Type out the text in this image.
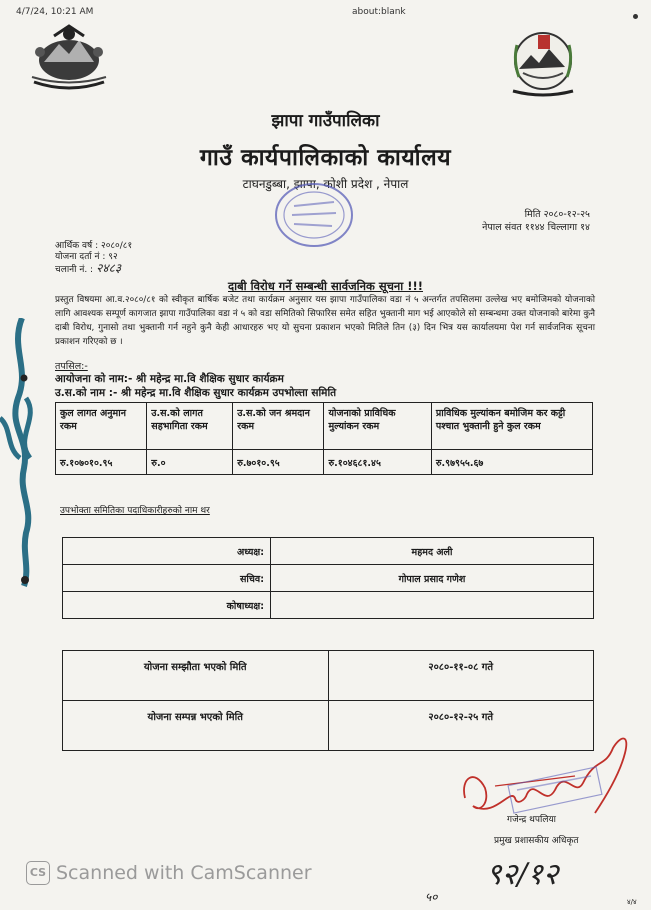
4/7/24, 10:21 AM	about:blank
झापा गाउँपालिका
गाउँ कार्यपालिकाको कार्यालय
टाघनडुब्बा, झापा, कोशी प्रदेश , नेपाल
मिति २०८०-१२-२५
नेपाल संवत ११४४ चिल्लागा १४
आर्थिक वर्ष : २०८०/८१
योजना दर्ता नं : ९२
चलानी नं. : २४८३
दाबी विरोध गर्ने सम्बन्धी सार्वजनिक सूचना !!!
प्रस्तुत विषयमा आ.व.२०८०/८१ को स्वीकृत बार्षिक बजेट तथा कार्यक्रम अनुसार यस झापा गाउँपालिका वडा नं ५ अन्तर्गत तपसिलमा उल्लेख भए बमोजिमको योजनाको लागि आवश्यक सम्पूर्ण कागजात झापा गाउँपालिका वडा नं ५ को वडा समितिको सिफारिस समेत सहित भुक्तानी माग भई आएकोले सो सम्बन्धमा उक्त योजनाको बारेमा कुनै दाबी विरोध, गुनासो तथा भुक्तानी गर्न नहुने कुनै केही आधारहरु भए यो सुचना प्रकाशन भएको मितिले तिन (३) दिन भित्र यस कार्यालयमा पेश गर्न सार्वजनिक सूचना प्रकाशन गरिएको छ ।
तपसिल:-
आयोजना को नाम:- श्री महेन्द्र मा.वि शैक्षिक सुधार कार्यक्रम
उ.स.को नाम :- श्री महेन्द्र मा.वि शैक्षिक सुधार कार्यक्रम उपभोल्ता समिति
कुल लागत अनुमान रकम	उ.स.को लागत सहभागिता रकम	उ.स.को जन श्रमदान रकम	योजनाको प्राविधिक मुल्यांकन रकम	प्राविधिक मुल्यांकन बमोजिम कर कट्टी पश्चात भुक्तानी हुने कुल रकम
रु.१०७०१०.९५	रु.०	रु.७०१०.९५	रु.१०४६८१.४५	रु.९७९५५.६७
उपभोक्ता समितिका पदाधिकारीहरुको नाम थर
अध्यक्ष:	महमद अली
सचिव:	गोपाल प्रसाद गणेश
कोषाध्यक्ष:	
योजना सम्झौता भएको मिति	२०८०-११-०८ गते
योजना सम्पन्न भएको मिति	२०८०-१२-२५ गते
गजेन्द्र थपलिया
प्रमुख प्रशासकीय अधिकृत
९२/१२
५०
CS Scanned with CamScanner
४/४
